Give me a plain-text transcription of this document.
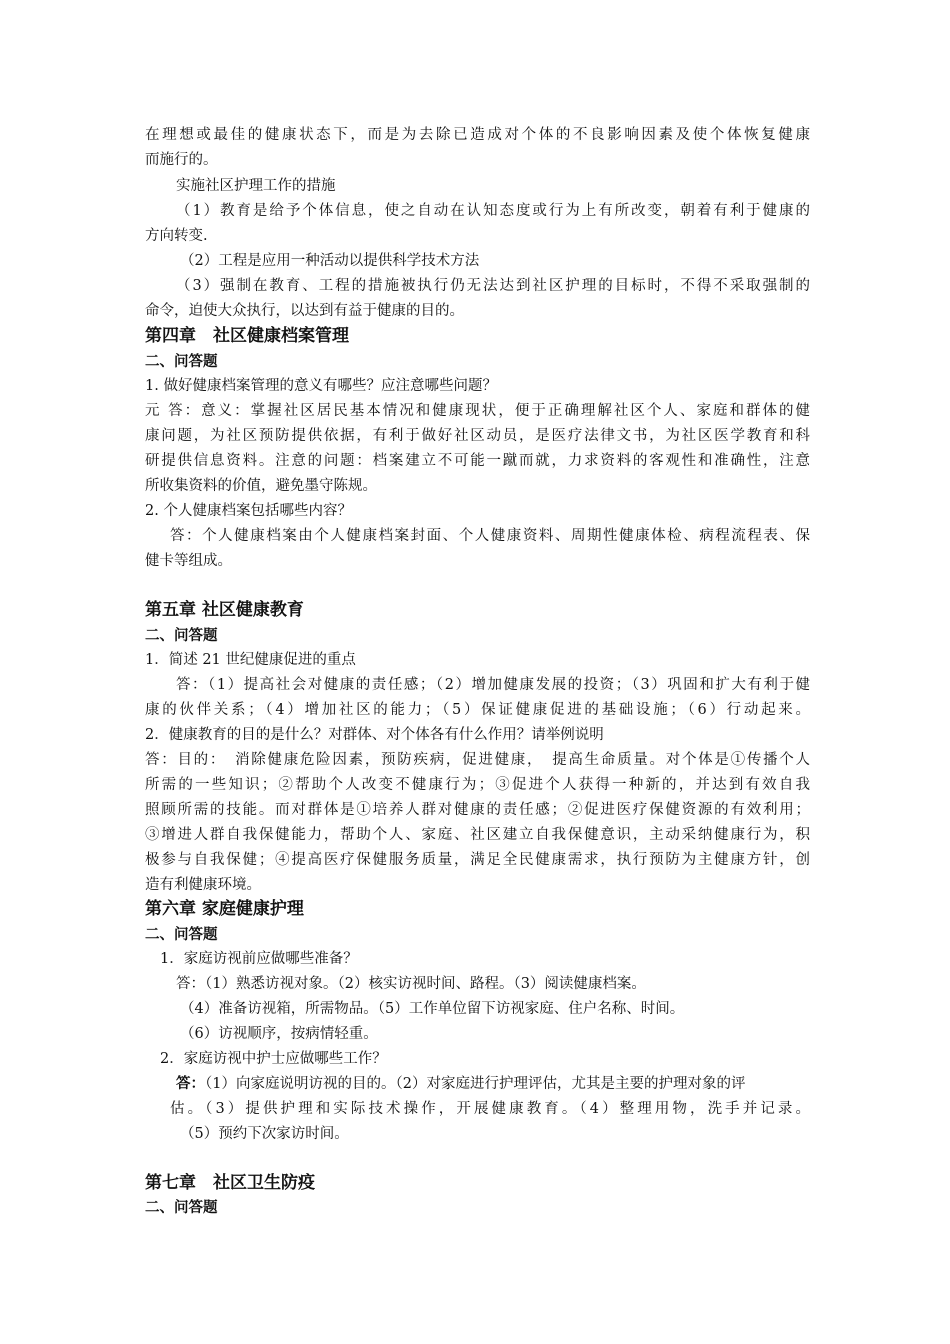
在理想或最佳的健康状态下，而是为去除已造成对个体的不良影响因素及使个体恢复健康
而施行的。
实施社区护理工作的措施
（1）教育是给予个体信息，使之自动在认知态度或行为上有所改变，朝着有利于健康的
方向转变.
（2）工程是应用一种活动以提供科学技术方法
（3）强制在教育、工程的措施被执行仍无法达到社区护理的目标时，不得不采取强制的
命令，迫使大众执行，以达到有益于健康的目的。
第四章　社区健康档案管理
二、问答题
1. 做好健康档案管理的意义有哪些？应注意哪些问题？
元 答：意义：掌握社区居民基本情况和健康现状，便于正确理解社区个人、家庭和群体的健
康问题，为社区预防提供依据，有利于做好社区动员，是医疗法律文书，为社区医学教育和科
研提供信息资料。注意的问题：档案建立不可能一蹴而就，力求资料的客观性和准确性，注意
所收集资料的价值，避免墨守陈规。
2. 个人健康档案包括哪些内容？
答：个人健康档案由个人健康档案封面、个人健康资料、周期性健康体检、病程流程表、保
健卡等组成。
第五章 社区健康教育
二、问答题
1．简述 21 世纪健康促进的重点
答：（1）提高社会对健康的责任感；（2）增加健康发展的投资；（3）巩固和扩大有利于健
康的伙伴关系；（4）增加社区的能力；（5）保证健康促进的基础设施；（6）行动起来。
2．健康教育的目的是什么？对群体、对个体各有什么作用？请举例说明
答：目的：　消除健康危险因素，预防疾病，促进健康，　提高生命质量。对个体是①传播个人
所需的一些知识；②帮助个人改变不健康行为；③促进个人获得一种新的，并达到有效自我
照顾所需的技能。而对群体是①培养人群对健康的责任感；②促进医疗保健资源的有效利用；
③增进人群自我保健能力，帮助个人、家庭、社区建立自我保健意识，主动采纳健康行为，积
极参与自我保健；④提高医疗保健服务质量，满足全民健康需求，执行预防为主健康方针，创
造有利健康环境。
第六章 家庭健康护理
二、问答题
1．家庭访视前应做哪些准备？
答：（1）熟悉访视对象。（2）核实访视时间、路程。（3）阅读健康档案。
（4）准备访视箱，所需物品。（5）工作单位留下访视家庭、住户名称、时间。
（6）访视顺序，按病情轻重。
2．家庭访视中护士应做哪些工作？
答：（1）向家庭说明访视的目的。（2）对家庭进行护理评估，尤其是主要的护理对象的评
估。（3）提供护理和实际技术操作，开展健康教育。（4）整理用物，洗手并记录。
（5）预约下次家访时间。
第七章　社区卫生防疫
二、问答题
